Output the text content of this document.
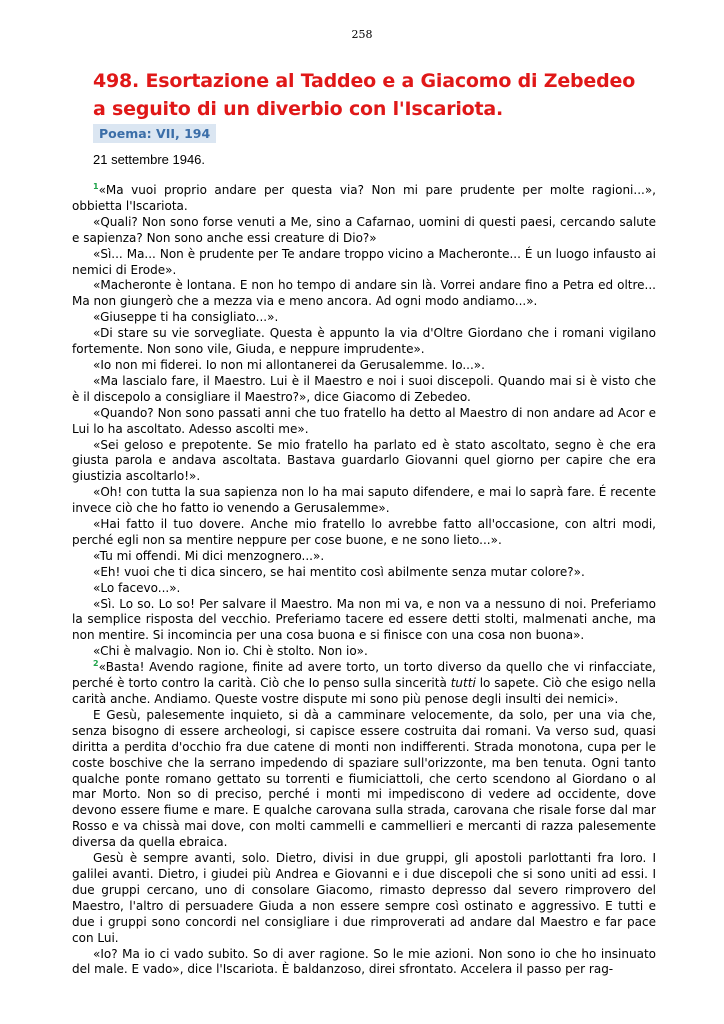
258
498. Esortazione al Taddeo e a Giacomo di Zebedeo
a seguito di un diverbio con l'Iscariota.
Poema: VII, 194
21 settembre 1946.

$^1$«Ma vuoi proprio andare per questa via? Non mi pare prudente per molte ragioni...», obbietta l'Iscariota.

«Quali? Non sono forse venuti a Me, sino a Cafarnao, uomini di questi paesi, cercando salute e sapienza? Non sono anche essi creature di Dio?»

«Sì... Ma... Non è prudente per Te andare troppo vicino a Macheronte... É un luogo infausto ai nemici di Erode».

«Macheronte è lontana. E non ho tempo di andare sin là. Vorrei andare fino a Petra ed oltre... Ma non giungerò che a mezza via e meno ancora. Ad ogni modo andiamo...».

«Giuseppe ti ha consigliato...».

«Di stare su vie sorvegliate. Questa è appunto la via d'Oltre Giordano che i romani vigilano fortemente. Non sono vile, Giuda, e neppure imprudente».

«Io non mi fiderei. Io non mi allontanerei da Gerusalemme. Io...».

«Ma lascialo fare, il Maestro. Lui è il Maestro e noi i suoi discepoli. Quando mai si è visto che è il discepolo a consigliare il Maestro?», dice Giacomo di Zebedeo.

«Quando? Non sono passati anni che tuo fratello ha detto al Maestro di non andare ad Acor e Lui lo ha ascoltato. Adesso ascolti me».

«Sei geloso e prepotente. Se mio fratello ha parlato ed è stato ascoltato, segno è che era giusta parola e andava ascoltata. Bastava guardarlo Giovanni quel giorno per capire che era giustizia ascoltarlo!».

«Oh! con tutta la sua sapienza non lo ha mai saputo difendere, e mai lo saprà fare. É recente invece ciò che ho fatto io venendo a Gerusalemme».

«Hai fatto il tuo dovere. Anche mio fratello lo avrebbe fatto all'occasione, con altri modi, perché egli non sa mentire neppure per cose buone, e ne sono lieto...».

«Tu mi offendi. Mi dici menzognero...».

«Eh! vuoi che ti dica sincero, se hai mentito così abilmente senza mutar colore?».

«Lo facevo...».

«Sì. Lo so. Lo so! Per salvare il Maestro. Ma non mi va, e non va a nessuno di noi. Preferiamo la semplice risposta del vecchio. Preferiamo tacere ed essere detti stolti, malmenati anche, ma non mentire. Si incomincia per una cosa buona e si finisce con una cosa non buona».

«Chi è malvagio. Non io. Chi è stolto. Non io».

$^2$«Basta! Avendo ragione, finite ad avere torto, un torto diverso da quello che vi rinfacciate, perché è torto contro la carità. Ciò che Io penso sulla sincerità tutti lo sapete. Ciò che esigo nella carità anche. Andiamo. Queste vostre dispute mi sono più penose degli insulti dei nemici».

E Gesù, palesemente inquieto, si dà a camminare velocemente, da solo, per una via che, senza bisogno di essere archeologi, si capisce essere costruita dai romani. Va verso sud, quasi diritta a perdita d'occhio fra due catene di monti non indifferenti. Strada monotona, cupa per le coste boschive che la serrano impedendo di spaziare sull'orizzonte, ma ben tenuta. Ogni tanto qualche ponte romano gettato su torrenti e fiumiciattoli, che certo scendono al Giordano o al mar Morto. Non so di preciso, perché i monti mi impediscono di vedere ad occidente, dove devono essere fiume e mare. E qualche carovana sulla strada, carovana che risale forse dal mar Rosso e va chissà mai dove, con molti cammelli e cammellieri e mercanti di razza palesemente diversa da quella ebraica.

Gesù è sempre avanti, solo. Dietro, divisi in due gruppi, gli apostoli parlottanti fra loro. I galilei avanti. Dietro, i giudei più Andrea e Giovanni e i due discepoli che si sono uniti ad essi. I due gruppi cercano, uno di consolare Giacomo, rimasto depresso dal severo rimprovero del Maestro, l'altro di persuadere Giuda a non essere sempre così ostinato e aggressivo. E tutti e due i gruppi sono concordi nel consigliare i due rimproverati ad andare dal Maestro e far pace con Lui.

«Io? Ma io ci vado subito. So di aver ragione. So le mie azioni. Non sono io che ho insinuato del male. E vado», dice l'Iscariota. È baldanzoso, direi sfrontato. Accelera il passo per rag-
